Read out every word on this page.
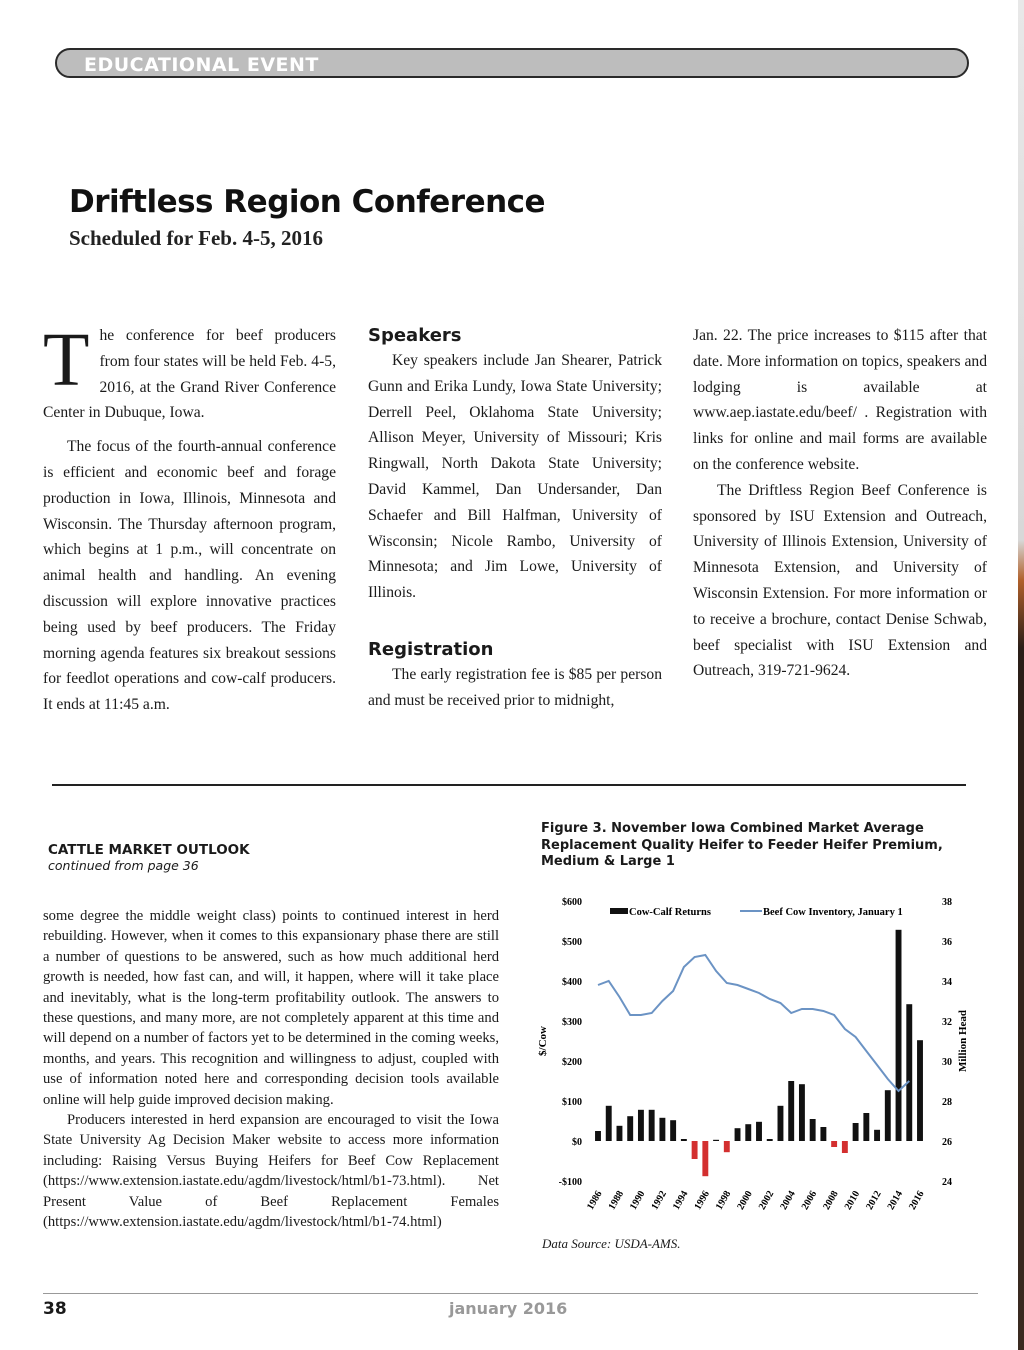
EDUCATIONAL EVENT
Driftless Region Conference
Scheduled for Feb. 4-5, 2016

The conference for beef producers from four states will be held Feb. 4-5, 2016, at the Grand River Conference Center in Dubuque, Iowa.

The focus of the fourth-annual conference is efficient and economic beef and forage production in Iowa, Illinois, Minnesota and Wisconsin. The Thursday afternoon program, which begins at 1 p.m., will concentrate on animal health and handling. An evening discussion will explore innovative practices being used by beef producers. The Friday morning agenda features six breakout sessions for feedlot operations and cow-calf producers. It ends at 11:45 a.m.

Speakers

Key speakers include Jan Shearer, Patrick Gunn and Erika Lundy, Iowa State University; Derrell Peel, Oklahoma State University; Allison Meyer, University of Missouri; Kris Ringwall, North Dakota State University; David Kammel, Dan Undersander, Dan Schaefer and Bill Halfman, University of Wisconsin; Nicole Rambo, University of Minnesota; and Jim Lowe, University of Illinois.

Registration

The early registration fee is $85 per person and must be received prior to midnight,

Jan. 22. The price increases to $115 after that date. More information on topics, speakers and lodging is available at www.aep.iastate.edu/beef/ . Registration with links for online and mail forms are available on the conference website.

The Driftless Region Beef Conference is sponsored by ISU Extension and Outreach, University of Illinois Extension, University of Minnesota Extension, and University of Wisconsin Extension. For more information or to receive a brochure, contact Denise Schwab, beef specialist with ISU Extension and Outreach, 319-721-9624.

CATTLE MARKET OUTLOOK
continued from page 36

some degree the middle weight class) points to continued interest in herd rebuilding. However, when it comes to this expansionary phase there are still a number of questions to be answered, such as how much additional herd growth is needed, how fast can, and will, it happen, where will it take place and inevitably, what is the long-term profitability outlook. The answers to these questions, and many more, are not completely apparent at this time and will depend on a number of factors yet to be determined in the coming weeks, months, and years. This recognition and willingness to adjust, coupled with use of information noted here and corresponding decision tools available online will help guide improved decision making.

Producers interested in herd expansion are encouraged to visit the Iowa State University Ag Decision Maker website to access more information including: Raising Versus Buying Heifers for Beef Cow Replacement (https://www.extension.iastate.edu/agdm/livestock/html/b1-73.html). Net Present Value of Beef Replacement Females (https://www.extension.iastate.edu/agdm/livestock/html/b1-74.html)

Figure 3. November Iowa Combined Market Average Replacement Quality Heifer to Feeder Heifer Premium, Medium & Large 1

$600
$500
$400
$300
$200
$100
$0
-$100
38
36
34
32
30
28
26
24
$/Cow	Million Head
Cow-Calf Returns	Beef Cow Inventory, January 1
1986 1988 1990 1992 1994 1996 1998 2000 2002 2004 2006 2008 2010 2012 2014 2016
Data Source: USDA-AMS.
38	january 2016
